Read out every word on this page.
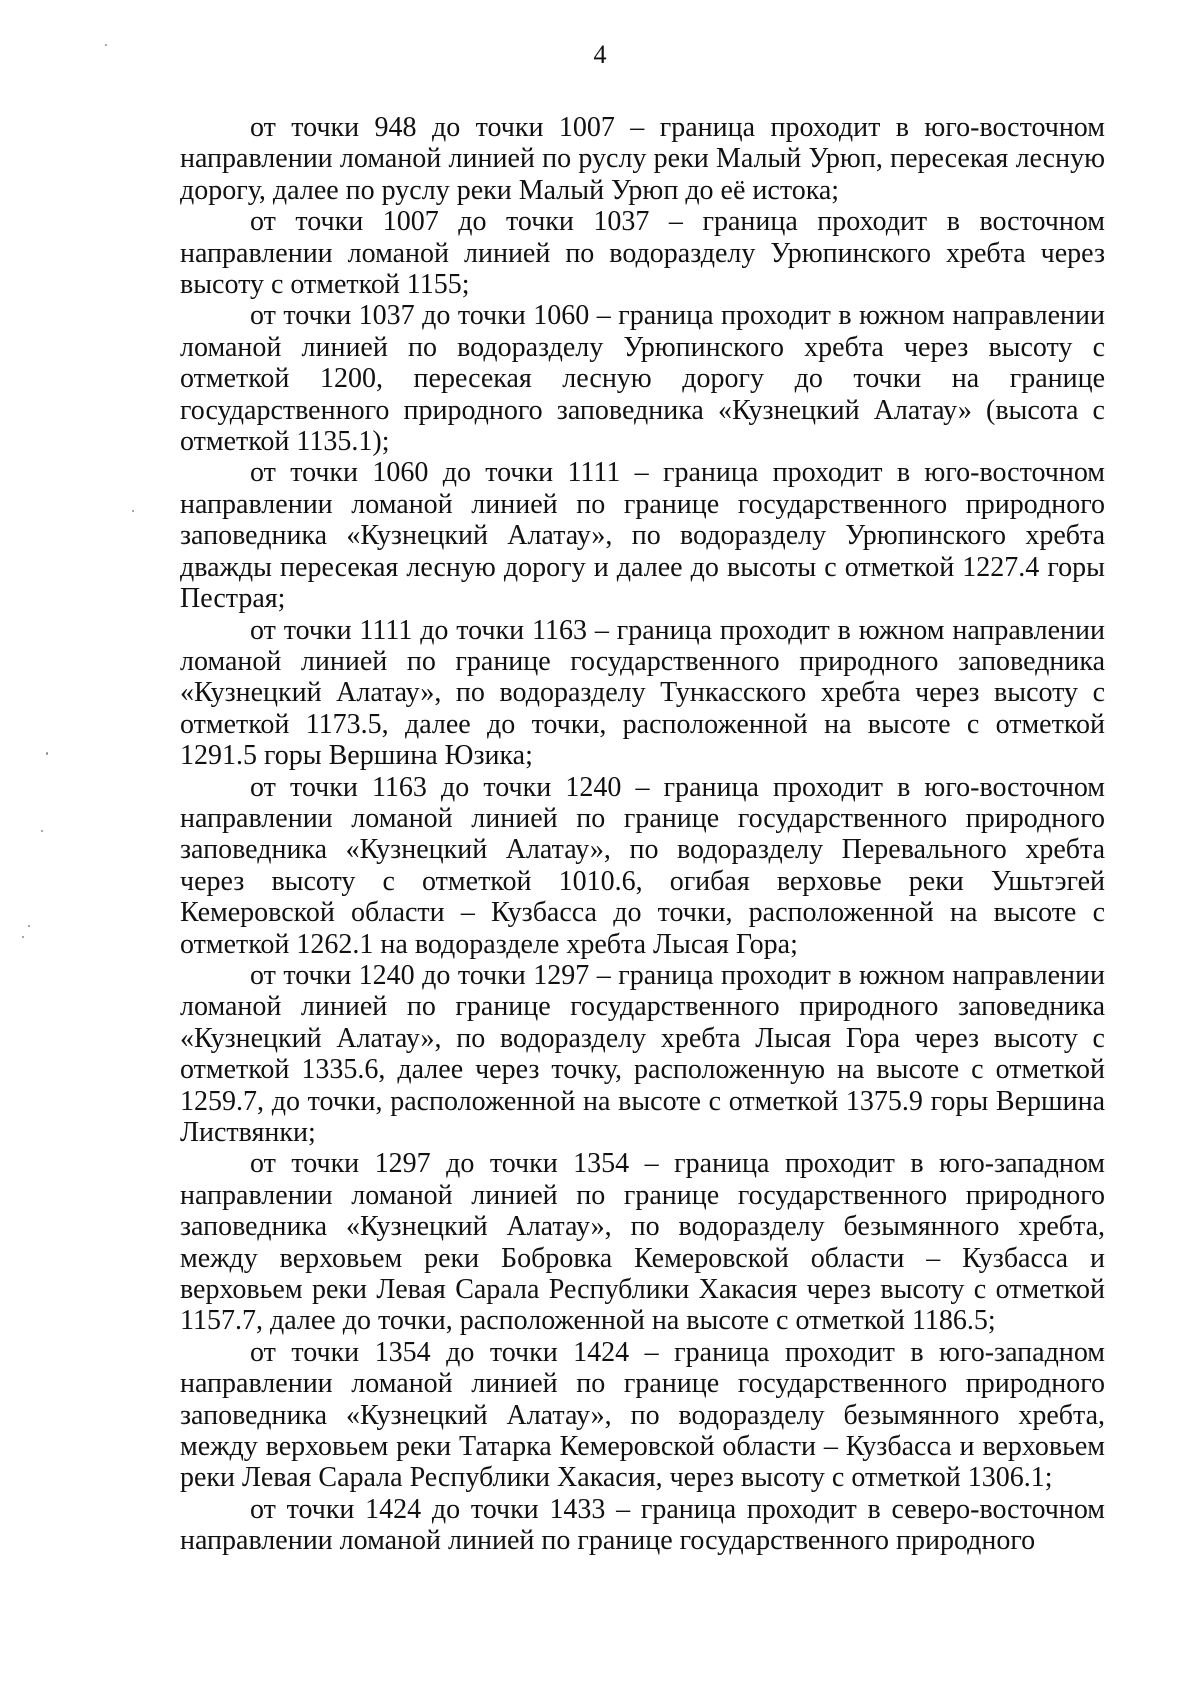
4

от точки 948 до точки 1007 – граница проходит в юго-восточном направлении ломаной линией по руслу реки Малый Урюп, пересекая лесную дорогу, далее по руслу реки Малый Урюп до её истока;

от точки 1007 до точки 1037 – граница проходит в восточном направлении ломаной линией по водоразделу Урюпинского хребта через высоту с отметкой 1155;

от точки 1037 до точки 1060 – граница проходит в южном направлении ломаной линией по водоразделу Урюпинского хребта через высоту с отметкой 1200, пересекая лесную дорогу до точки на границе государственного природного заповедника «Кузнецкий Алатау» (высота с отметкой 1135.1);

от точки 1060 до точки 1111 – граница проходит в юго-восточном направлении ломаной линией по границе государственного природного заповедника «Кузнецкий Алатау», по водоразделу Урюпинского хребта дважды пересекая лесную дорогу и далее до высоты с отметкой 1227.4 горы Пестрая;

от точки 1111 до точки 1163 – граница проходит в южном направлении ломаной линией по границе государственного природного заповедника «Кузнецкий Алатау», по водоразделу Тункасского хребта через высоту с отметкой 1173.5, далее до точки, расположенной на высоте с отметкой 1291.5 горы Вершина Юзика;

от точки 1163 до точки 1240 – граница проходит в юго-восточном направлении ломаной линией по границе государственного природного заповедника «Кузнецкий Алатау», по водоразделу Перевального хребта через высоту с отметкой 1010.6, огибая верховье реки Ушьтэгей Кемеровской области – Кузбасса до точки, расположенной на высоте с отметкой 1262.1 на водоразделе хребта Лысая Гора;

от точки 1240 до точки 1297 – граница проходит в южном направлении ломаной линией по границе государственного природного заповедника «Кузнецкий Алатау», по водоразделу хребта Лысая Гора через высоту с отметкой 1335.6, далее через точку, расположенную на высоте с отметкой 1259.7, до точки, расположенной на высоте с отметкой 1375.9 горы Вершина Листвянки;

от точки 1297 до точки 1354 – граница проходит в юго-западном направлении ломаной линией по границе государственного природного заповедника «Кузнецкий Алатау», по водоразделу безымянного хребта, между верховьем реки Бобровка Кемеровской области – Кузбасса и верховьем реки Левая Сарала Республики Хакасия через высоту с отметкой 1157.7, далее до точки, расположенной на высоте с отметкой 1186.5;

от точки 1354 до точки 1424 – граница проходит в юго-западном направлении ломаной линией по границе государственного природного заповедника «Кузнецкий Алатау», по водоразделу безымянного хребта, между верховьем реки Татарка Кемеровской области – Кузбасса и верховьем реки Левая Сарала Республики Хакасия, через высоту с отметкой 1306.1;

от точки 1424 до точки 1433 – граница проходит в северо-восточном направлении ломаной линией по границе государственного природного
